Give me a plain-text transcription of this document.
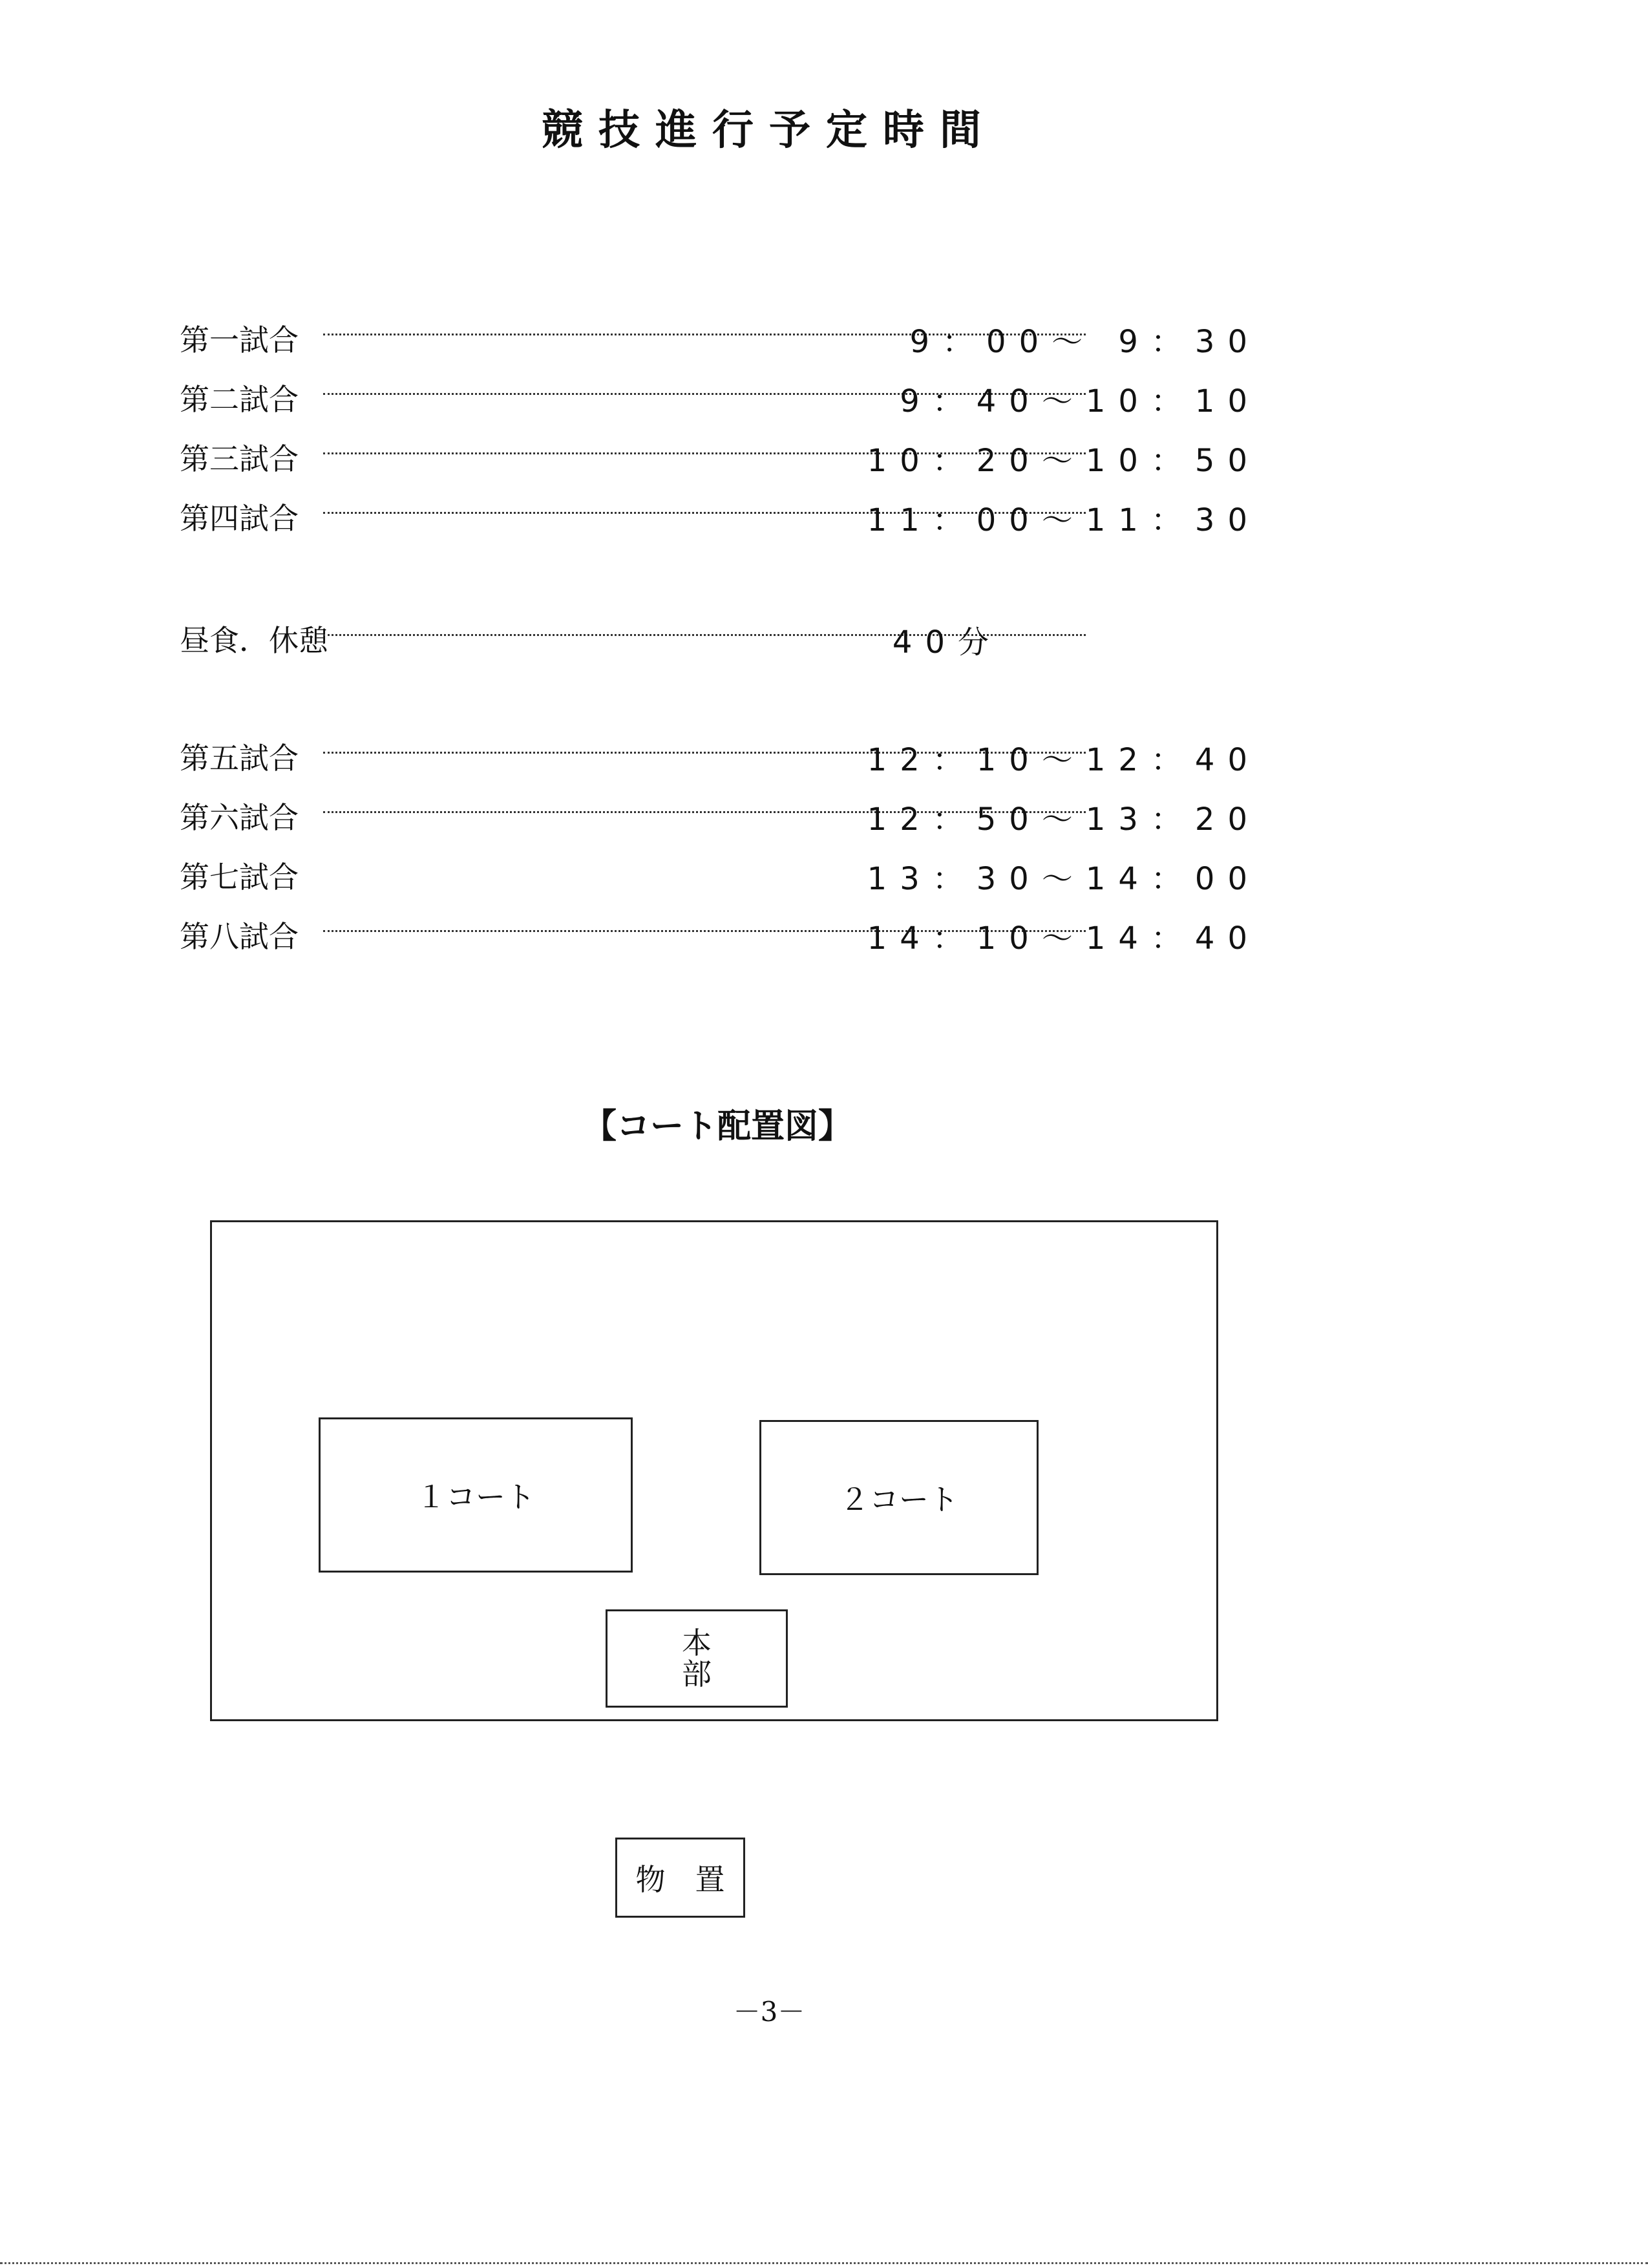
競技進行予定時間
第一試合	9：00～ 9：30
第二試合	9：40～10：10
第三試合	10：20～10：50
第四試合	11：00～11：30
昼食．休憩	40分
第五試合	12：10～12：40
第六試合	12：50～13：20
第七試合	13：30～14：00
第八試合	14：10～14：40
【コート配置図】
１コート	２コート
本
部
物　置
－3－
